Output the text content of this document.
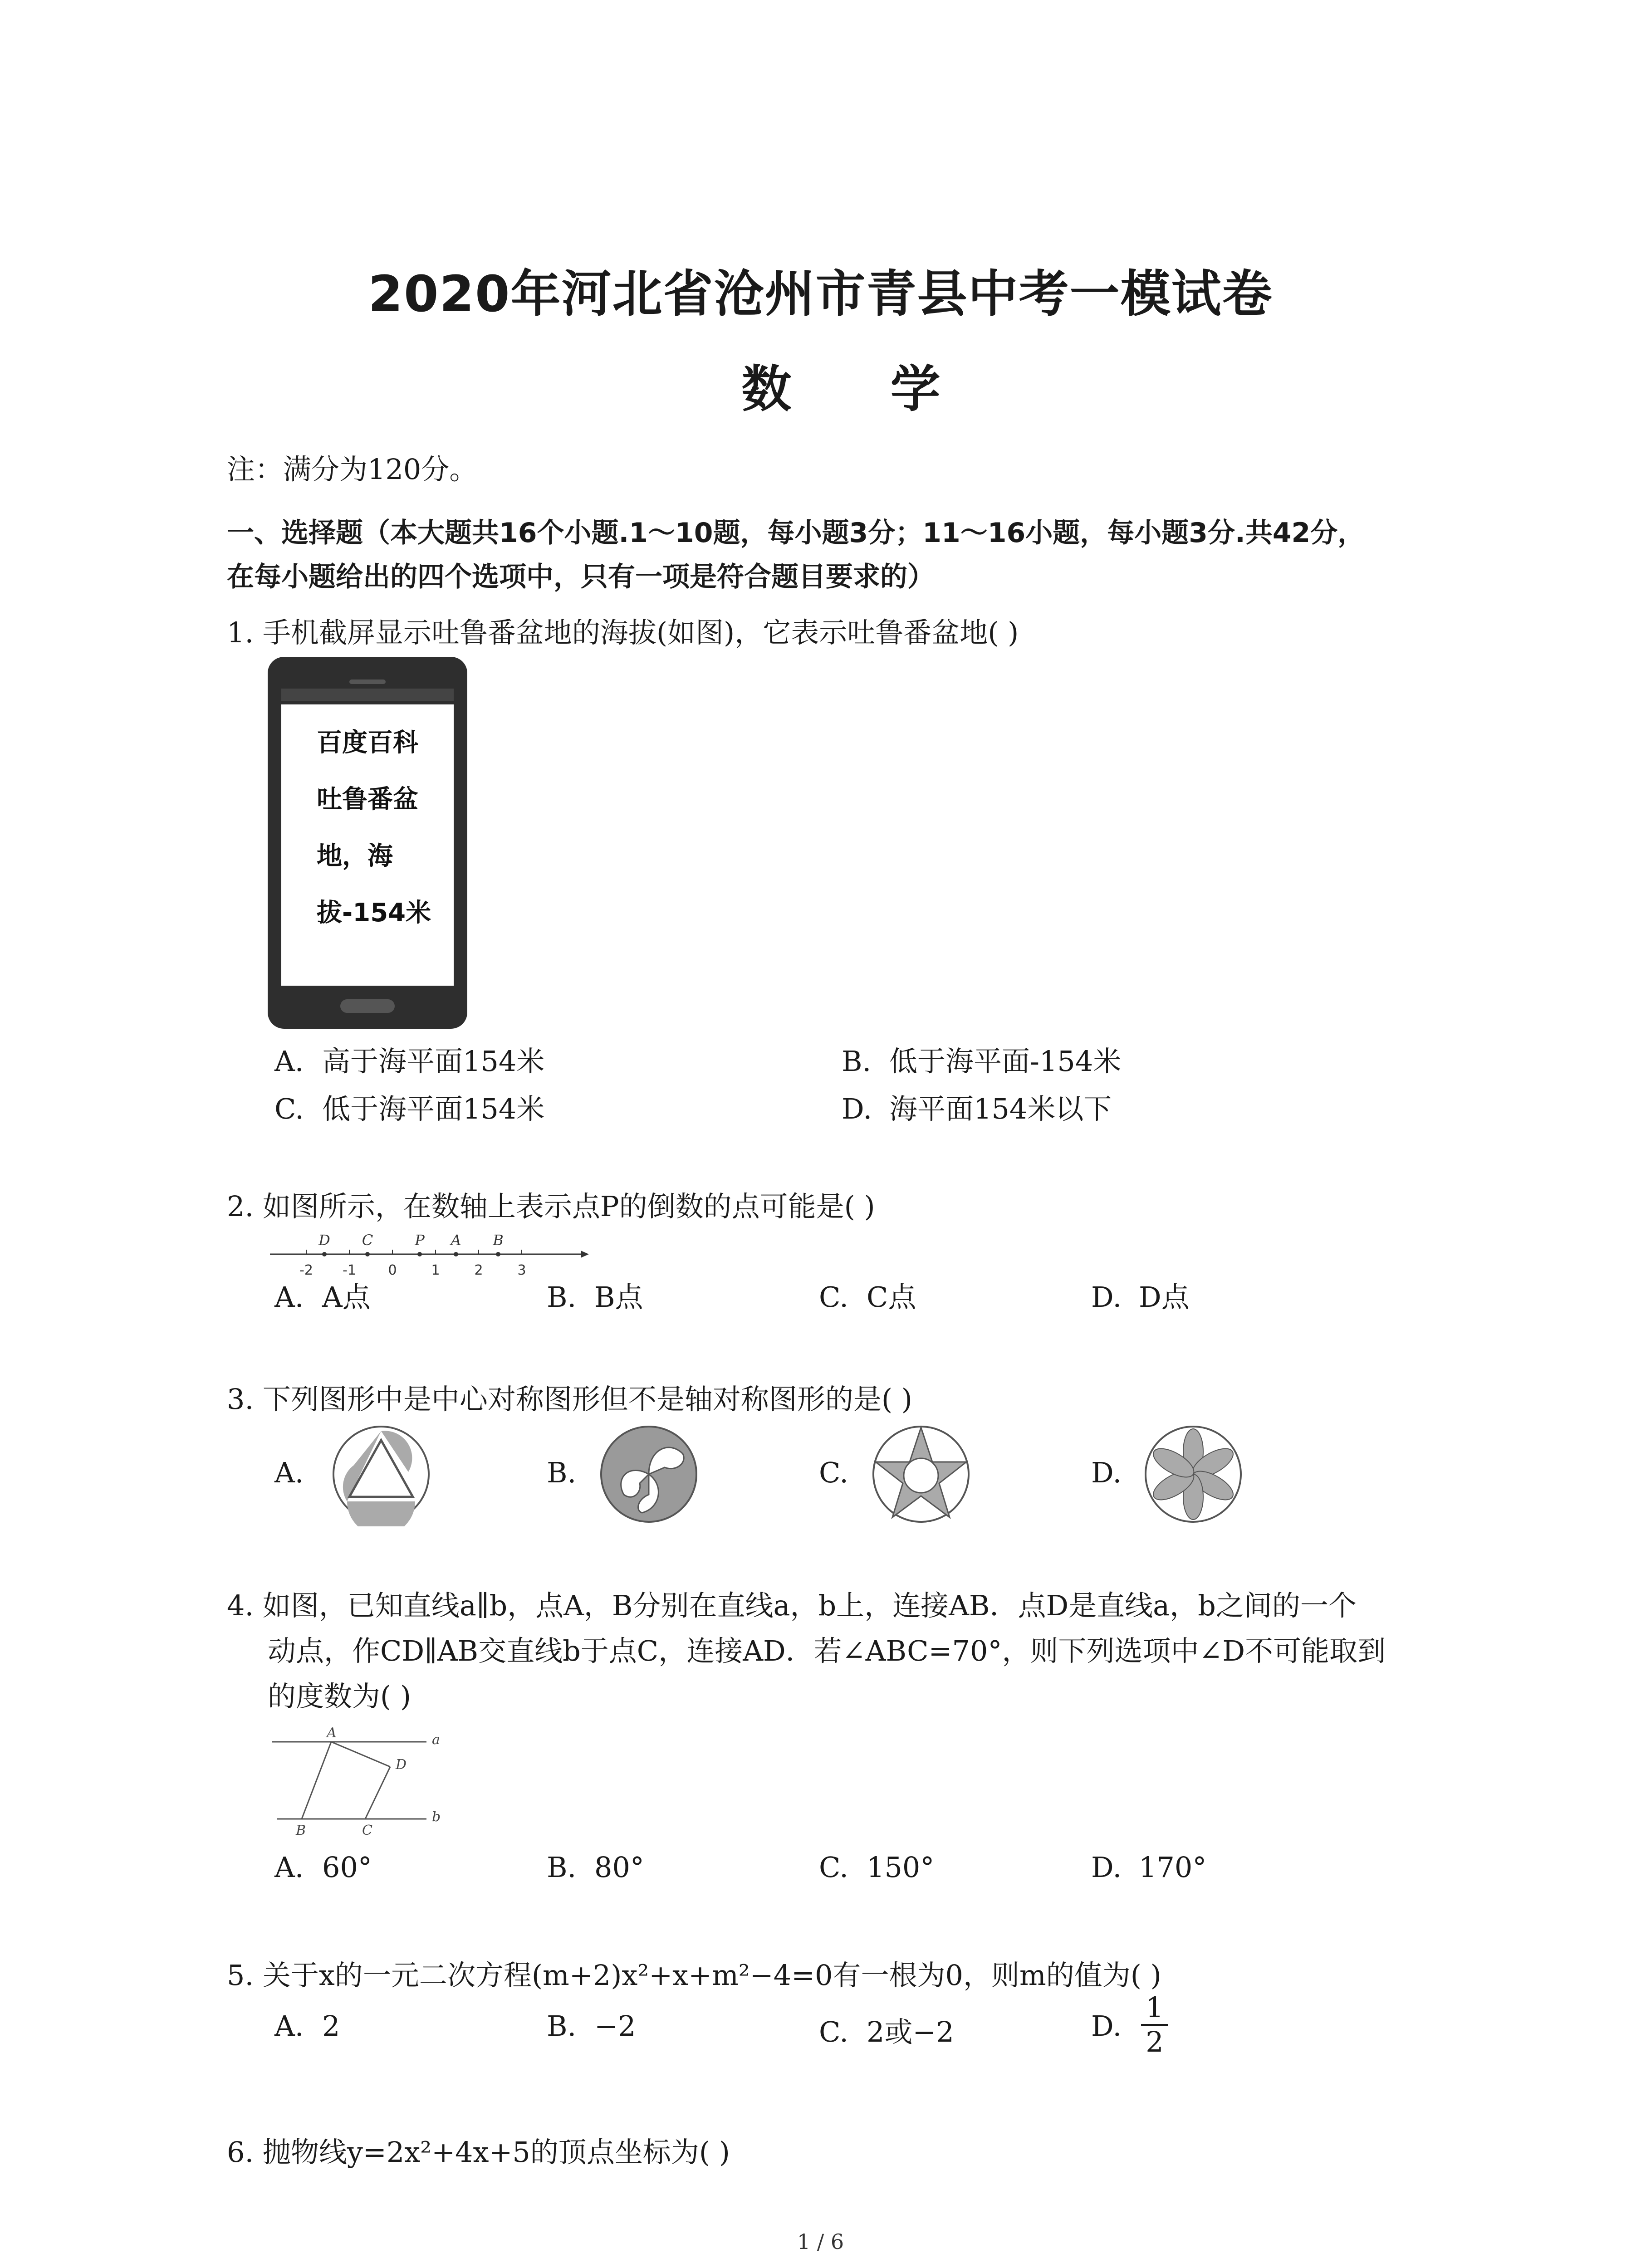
2020年河北省沧州市青县中考一模试卷
数 学
注：满分为120分。
一、选择题（本大题共16个小题.1～10题，每小题3分；11～16小题，每小题3分.共42分，
在每小题给出的四个选项中，只有一项是符合题目要求的）
1. 手机截屏显示吐鲁番盆地的海拔(如图)，它表示吐鲁番盆地( )
百度百科
吐鲁番盆
地，海
拔-154米
A. 高于海平面154米	B. 低于海平面-154米
C. 低于海平面154米	D. 海平面154米以下
2. 如图所示，在数轴上表示点P的倒数的点可能是( )
-2 -1 0	1	2	3
D C	P A B
A. A点	B. B点	C. C点	D. D点
3. 下列图形中是中心对称图形但不是轴对称图形的是( )
A.	B.	C.	D.
4. 如图，已知直线a∥b，点A，B分别在直线a，b上，连接AB．点D是直线a，b之间的一个
动点，作CD∥AB交直线b于点C，连接AD．若∠ABC=70°，则下列选项中∠D不可能取到
的度数为( )
A
B	C
D
a
b
A. 60°	B. 80°	C. 150°	D. 170°
5. 关于x的一元二次方程(m+2)x²+x+m²−4=0有一根为0，则m的值为( )
A. 2	B. −2	C. 2或−2	D. $\frac{1}{2}$
6. 抛物线y=2x²+4x+5的顶点坐标为( )
1 / 6
